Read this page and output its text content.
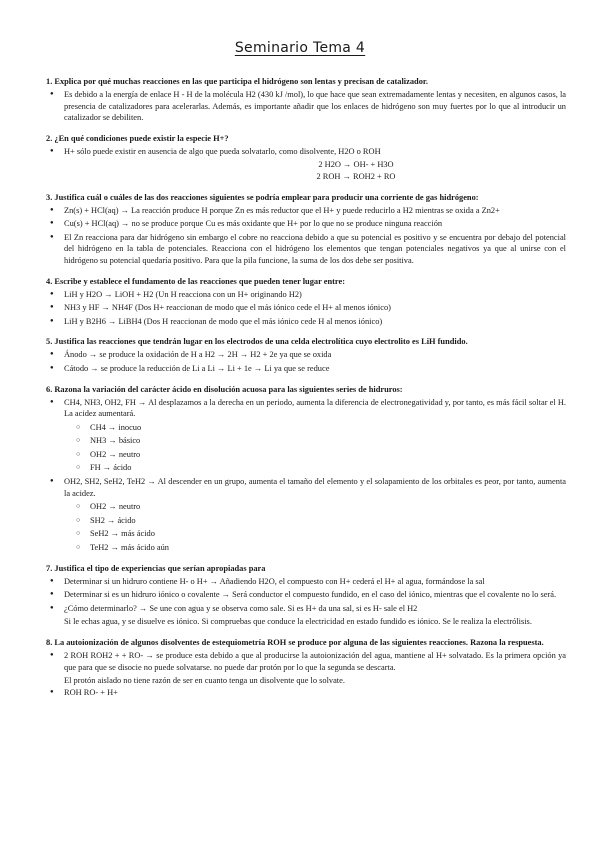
Seminario Tema 4
1. Explica por qué muchas reacciones en las que participa el hidrógeno son lentas y precisan de catalizador.
● Es debido a la energía de enlace H - H de la molécula H2 (430 kJ /mol), lo que hace que sean extremadamente lentas y necesiten, en algunos casos, la presencia de catalizadores para acelerarlas. Además, es importante añadir que los enlaces de hidrógeno son muy fuertes por lo que al introducir un catalizador se debiliten.
2. ¿En qué condiciones puede existir la especie H+?
● H+ sólo puede existir en ausencia de algo que pueda solvatarlo, como disolvente, H2O o ROH
2 H2O → OH- + H3O
2 ROH → ROH2 + RO
3. Justifica cuál o cuáles de las dos reacciones siguientes se podría emplear para producir una corriente de gas hidrógeno:
● Zn(s) + HCl(aq) → La reacción produce H porque Zn es más reductor que el H+ y puede reducirlo a H2 mientras se oxida a Zn2+
● Cu(s) + HCl(aq) → no se produce porque Cu es más oxidante que H+ por lo que no se produce ninguna reacción
● El Zn reacciona para dar hidrógeno sin embargo el cobre no reacciona debido a que su potencial es positivo y se encuentra por debajo del potencial del hidrógeno en la tabla de potenciales. Reacciona con el hidrógeno los elementos que tengan potenciales negativos ya que al unirse con el hidrógeno su potencial quedaría positivo. Para que la pila funcione, la suma de los dos debe ser positiva.
4. Escribe y establece el fundamento de las reacciones que pueden tener lugar entre:
● LiH y H2O → LiOH + H2 (Un H reacciona con un H+ originando H2)
● NH3 y HF → NH4F (Dos H+ reaccionan de modo que el más iónico cede el H+ al menos iónico)
● LiH y B2H6 → LiBH4 (Dos H reaccionan de modo que el más iónico cede H al menos iónico)
5. Justifica las reacciones que tendrán lugar en los electrodos de una celda electrolítica cuyo electrolito es LiH fundido.
● Ánodo → se produce la oxidación de H a H2 → 2H → H2 + 2e ya que se oxida
● Cátodo → se produce la reducción de Li a Li → Li + 1e → Li ya que se reduce
6. Razona la variación del carácter ácido en disolución acuosa para las siguientes series de hidruros:
● CH4, NH3, OH2, FH → Al desplazamos a la derecha en un periodo, aumenta la diferencia de electronegatividad y, por tanto, es más fácil soltar el H. La acidez aumentará.
○ CH4 → inocuo
○ NH3 → básico
○ OH2 → neutro
○ FH → ácido
● OH2, SH2, SeH2, TeH2 → Al descender en un grupo, aumenta el tamaño del elemento y el solapamiento de los orbitales es peor, por tanto, aumenta la acidez.
○ OH2 → neutro
○ SH2 → ácido
○ SeH2 → más ácido
○ TeH2 → más ácido aún
7. Justifica el tipo de experiencias que serían apropiadas para
● Determinar si un hidruro contiene H- o H+ → Añadiendo H2O, el compuesto con H+ cederá el H+ al agua, formándose la sal
● Determinar si es un hidruro iónico o covalente → Será conductor el compuesto fundido, en el caso del iónico, mientras que el covalente no lo será.
● ¿Cómo determinarlo? → Se une con agua y se observa como sale. Si es H+ da una sal, si es H- sale el H2
Si le echas agua, y se disuelve es iónico. Si compruebas que conduce la electricidad en estado fundido es iónico. Se le realiza la electrólisis.
8. La autoionización de algunos disolventes de estequiometría ROH se produce por alguna de las siguientes reacciones. Razona la respuesta.
● 2 ROH ROH2 + + RO- → se produce esta debido a que al producirse la autoionización del agua, mantiene al H+ solvatado. Es la primera opción ya que para que se disocie no puede solvatarse. no puede dar protón por lo que la segunda se descarta.
El protón aislado no tiene razón de ser en cuanto tenga un disolvente que lo solvate.
● ROH RO- + H+
